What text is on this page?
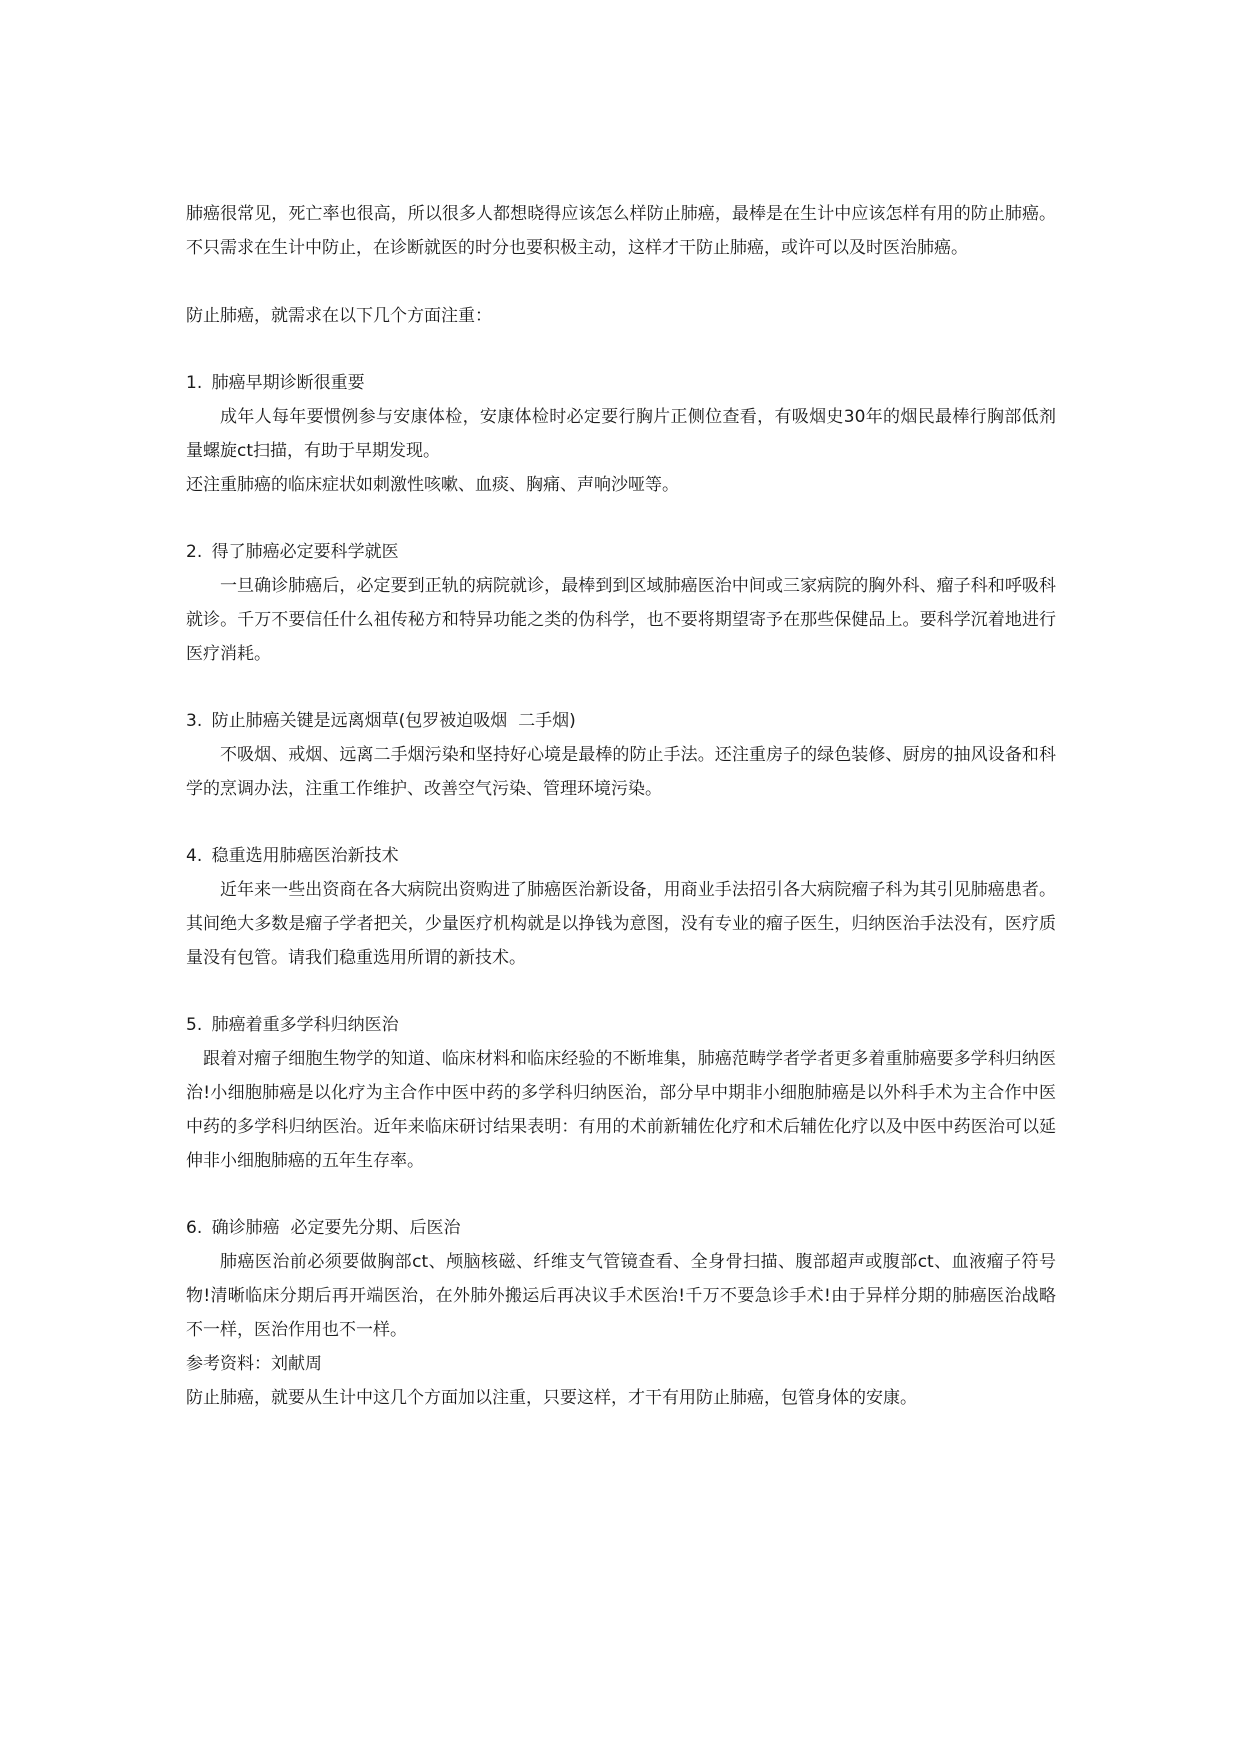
肺癌很常见，死亡率也很高，所以很多人都想晓得应该怎么样防止肺癌，最棒是在生计中应该怎样有用的防止肺癌。不只需求在生计中防止，在诊断就医的时分也要积极主动，这样才干防止肺癌，或许可以及时医治肺癌。

防止肺癌，就需求在以下几个方面注重：

1. 肺癌早期诊断很重要

成年人每年要惯例参与安康体检，安康体检时必定要行胸片正侧位查看，有吸烟史30年的烟民最棒行胸部低剂量螺旋ct扫描，有助于早期发现。

还注重肺癌的临床症状如刺激性咳嗽、血痰、胸痛、声响沙哑等。

2. 得了肺癌必定要科学就医

一旦确诊肺癌后，必定要到正轨的病院就诊，最棒到到区域肺癌医治中间或三家病院的胸外科、瘤子科和呼吸科就诊。千万不要信任什么祖传秘方和特异功能之类的伪科学，也不要将期望寄予在那些保健品上。要科学沉着地进行医疗消耗。

3. 防止肺癌关键是远离烟草(包罗被迫吸烟  二手烟)

不吸烟、戒烟、远离二手烟污染和坚持好心境是最棒的防止手法。还注重房子的绿色装修、厨房的抽风设备和科学的烹调办法，注重工作维护、改善空气污染、管理环境污染。

4. 稳重选用肺癌医治新技术

近年来一些出资商在各大病院出资购进了肺癌医治新设备，用商业手法招引各大病院瘤子科为其引见肺癌患者。其间绝大多数是瘤子学者把关，少量医疗机构就是以挣钱为意图，没有专业的瘤子医生，归纳医治手法没有，医疗质量没有包管。请我们稳重选用所谓的新技术。

5. 肺癌着重多学科归纳医治

跟着对瘤子细胞生物学的知道、临床材料和临床经验的不断堆集，肺癌范畴学者学者更多着重肺癌要多学科归纳医治!小细胞肺癌是以化疗为主合作中医中药的多学科归纳医治，部分早中期非小细胞肺癌是以外科手术为主合作中医中药的多学科归纳医治。近年来临床研讨结果表明：有用的术前新辅佐化疗和术后辅佐化疗以及中医中药医治可以延伸非小细胞肺癌的五年生存率。

6. 确诊肺癌  必定要先分期、后医治

肺癌医治前必须要做胸部ct、颅脑核磁、纤维支气管镜查看、全身骨扫描、腹部超声或腹部ct、血液瘤子符号物!清晰临床分期后再开端医治，在外肺外搬运后再决议手术医治!千万不要急诊手术!由于异样分期的肺癌医治战略不一样，医治作用也不一样。

参考资料：刘献周

防止肺癌，就要从生计中这几个方面加以注重，只要这样，才干有用防止肺癌，包管身体的安康。
